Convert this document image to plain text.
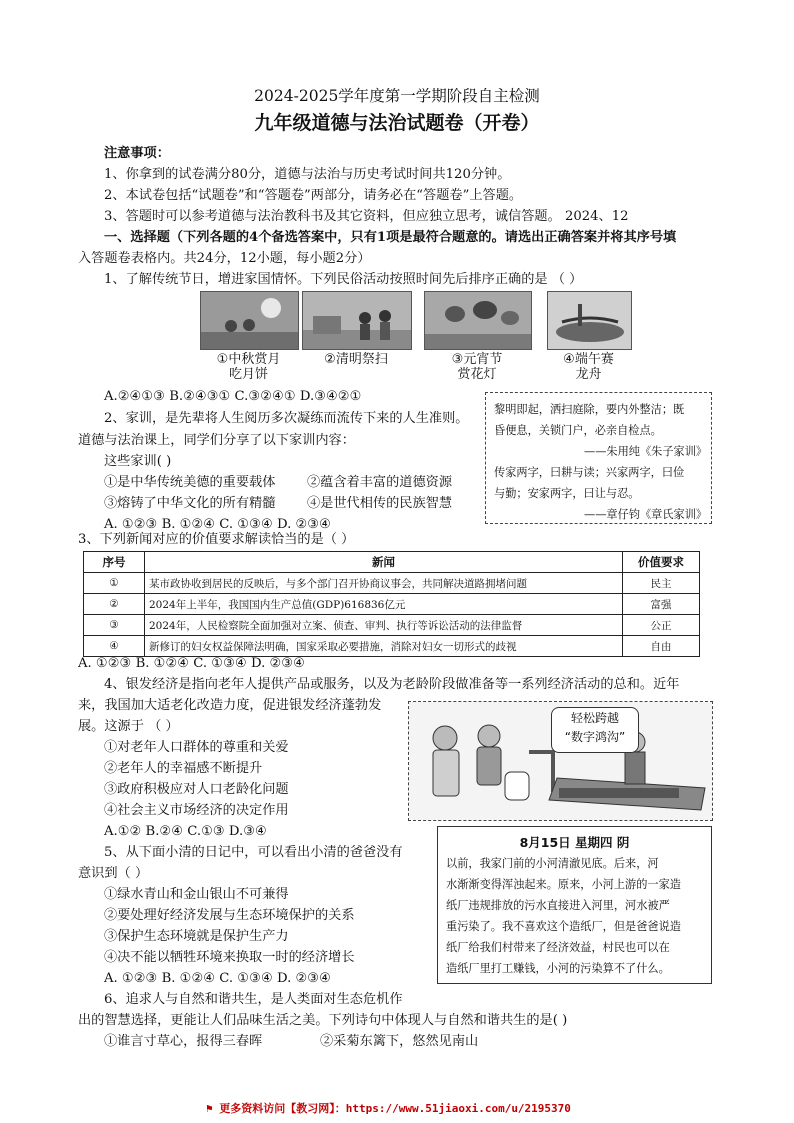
2024-2025学年度第一学期阶段自主检测
九年级道德与法治试题卷（开卷）
注意事项：
1、你拿到的试卷满分80分，道德与法治与历史考试时间共120分钟。
2、本试卷包括“试题卷”和“答题卷”两部分，请务必在“答题卷”上答题。
3、答题时可以参考道德与法治教科书及其它资料，但应独立思考，诚信答题。 2024、12
一、选择题（下列各题的4个备选答案中，只有1项是最符合题意的。请选出正确答案并将其序号填
入答题卷表格内。共24分，12小题，每小题2分）
1、了解传统节日，增进家国情怀。下列民俗活动按照时间先后排序正确的是 （ ）
①中秋赏月
吃月饼
②清明祭扫	③元宵节
赏花灯
④端午赛
龙舟
A.②④①③ B.②④③① C.③②④① D.③④②①
2、家训，是先辈将人生阅历多次凝练而流传下来的人生准则。
道德与法治课上，同学们分享了以下家训内容：
这些家训( )
①是中华传统美德的重要载体 ②蕴含着丰富的道德资源
③熔铸了中华文化的所有精髓 ④是世代相传的民族智慧
A. ①②③ B. ①②④ C. ①③④ D. ②③④
黎明即起，洒扫庭除，要内外整洁；既
昏便息，关锁门户，必亲自检点。
——朱用纯《朱子家训》
传家两字，曰耕与读；兴家两字，曰俭
与勤；安家两字，曰让与忍。
——章仔钧《章氏家训》
3、下列新闻对应的价值要求解读恰当的是（ ）
序号	新闻	价值要求
①	某市政协收到居民的反映后，与多个部门召开协商议事会，共同解决道路拥堵问题	民主
②	2024年上半年，我国国内生产总值(GDP)616836亿元	富强
③	2024年，人民检察院全面加强对立案、侦查、审判、执行等诉讼活动的法律监督	公正
④	新修订的妇女权益保障法明确，国家采取必要措施，消除对妇女一切形式的歧视	自由
A. ①②③ B. ①②④ C. ①③④ D. ②③④
4、银发经济是指向老年人提供产品或服务，以及为老龄阶段做准备等一系列经济活动的总和。近年
来，我国加大适老化改造力度，促进银发经济蓬勃发
展。这源于 （ ）
①对老年人口群体的尊重和关爱
②老年人的幸福感不断提升
③政府积极应对人口老龄化问题
④社会主义市场经济的决定作用
A.①② B.②④ C.①③ D.③④
轻松跨越
“数字鸿沟”
5、从下面小清的日记中，可以看出小清的爸爸没有
意识到（ ）
①绿水青山和金山银山不可兼得
②要处理好经济发展与生态环境保护的关系
③保护生态环境就是保护生产力
④决不能以牺牲环境来换取一时的经济增长
A. ①②③ B. ①②④ C. ①③④ D. ②③④
8月15日 星期四 阴
以前，我家门前的小河清澈见底。后来，河
水渐渐变得浑浊起来。原来，小河上游的一家造
纸厂违规排放的污水直接进入河里，河水被严
重污染了。我不喜欢这个造纸厂，但是爸爸说造
纸厂给我们村带来了经济效益，村民也可以在
造纸厂里打工赚钱，小河的污染算不了什么。
6、追求人与自然和谐共生，是人类面对生态危机作
出的智慧选择，更能让人们品味生活之美。下列诗句中体现人与自然和谐共生的是( )
①谁言寸草心，报得三春晖	②采菊东篱下，悠然见南山
⚑ 更多资料访问【教习网】：https://www.51jiaoxi.com/u/2195370
